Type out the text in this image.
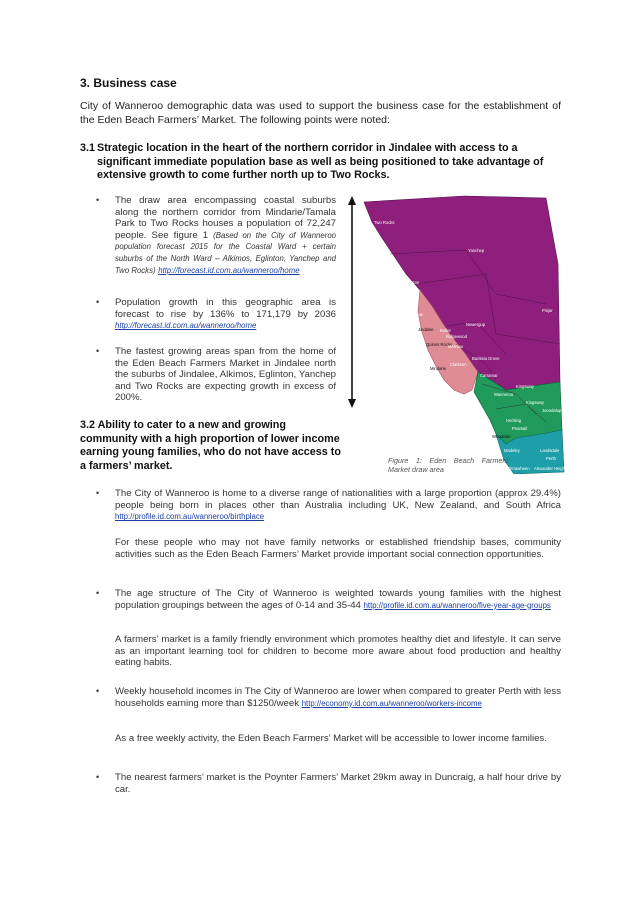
3. Business case

City of Wanneroo demographic data was used to support the business case for the establishment of the Eden Beach Farmers’ Market. The following points were noted:

3.1 Strategic location in the heart of the northern corridor in Jindalee with access to a
significant immediate population base as well as being positioned to take advantage of extensive growth to come further north up to Two Rocks.
• The draw area encompassing coastal suburbs along the northern corridor from Mindarie/Tamala Park to Two Rocks houses a population of 72,247 people. See figure 1 (Based on the City of Wanneroo population forecast 2015 for the Coastal Ward + certain suburbs of the North Ward – Alkimos, Eglinton, Yanchep and Two Rocks) http://forecast.id.com.au/wanneroo/home

• Population growth in this geographic area is forecast to rise by 136% to 171,179 by 2036 http://forecast.id.com.au/wanneroo/home

• The fastest growing areas span from the home of the Eden Beach Farmers Market in Jindalee north the suburbs of Jindalee, Alkimos, Eglinton, Yanchep and Two Rocks are expecting growth in excess of 200%.

3.2 Ability to cater to a new and growing community with a high proportion of lower income earning young families, who do not have access to a farmers’ market.
Two Rocks
Yanchep
Eglinton
Alkimos
Jindalee Butler
Ridgewood
Quinns Rocks
Merriwa
Mindarie
Clarkson
Banksia Grove
Carramar
Kingsway
Hocking
Pearsall
Woodvale
Madeley	Landsdale
Perth
Alexander Heights
Girrawheen
Pinjar
Nowergup
Wanneroo
Joondalup
Kingsway
Figure 1: Eden Beach Farmers’ Market draw area
• The City of Wanneroo is home to a diverse range of nationalities with a large proportion (approx 29.4%) people being born in places other than Australia including UK, New Zealand, and South Africa http://profile.id.com.au/wanneroo/birthplace

For these people who may not have family networks or established friendship bases, community activities such as the Eden Beach Farmers’ Market provide important social connection opportunities.

• The age structure of The City of Wanneroo is weighted towards young families with the highest population groupings between the ages of 0-14 and 35-44 http://profile.id.com.au/wanneroo/five-year-age-groups

A farmers’ market is a family friendly environment which promotes healthy diet and lifestyle. It can serve as an important learning tool for children to become more aware about food production and healthy eating habits.

• Weekly household incomes in The City of Wanneroo are lower when compared to greater Perth with less households earning more than $1250/week http://economy.id.com.au/wanneroo/workers-income

As a free weekly activity, the Eden Beach Farmers’ Market will be accessible to lower income families.

• The nearest farmers’ market is the Poynter Farmers’ Market 29km away in Duncraig, a half hour drive by car.
